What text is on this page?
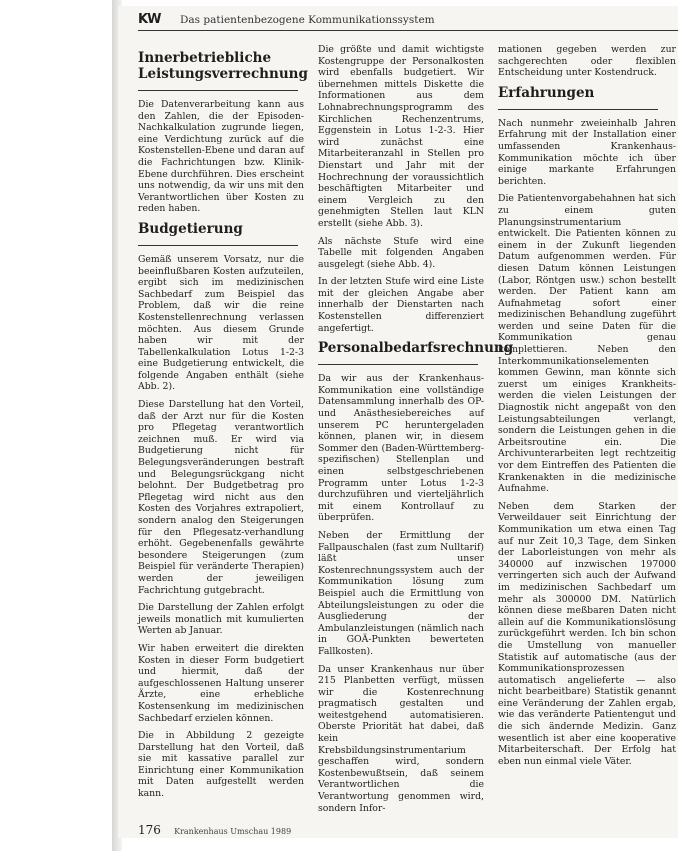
KW Das patientenbezogene Kommunikationssystem
Innerbetriebliche Leistungsverrechnung

Die Datenverarbeitung kann aus den Zahlen, die der Episoden-Nachkalkulation zugrunde liegen, eine Verdichtung zurück auf die Kostenstellen-Ebene und daran auf die Fachrichtungen bzw. Klinik-Ebene durchführen. Dies erscheint uns notwendig, da wir uns mit den Verantwortlichen über Kosten zu reden haben.

Budgetierung

Gemäß unserem Vorsatz, nur die beeinflußbaren Kosten aufzuteilen, ergibt sich im medizinischen Sachbedarf zum Beispiel das Problem, daß wir die reine Kostenstellenrechnung verlassen möchten. Aus diesem Grunde haben wir mit der Tabellenkalkulation Lotus 1-2-3 eine Budgetierung entwickelt, die folgende Angaben enthält (siehe Abb. 2).

Diese Darstellung hat den Vorteil, daß der Arzt nur für die Kosten pro Pflegetag verantwortlich zeichnen muß. Er wird via Budgetierung nicht für Belegungsveränderungen bestraft und Belegungsrückgang nicht belohnt. Der Budgetbetrag pro Pflegetag wird nicht aus den Kosten des Vorjahres extrapoliert, sondern analog den Steigerungen für den Pflegesatz-verhandlung erhöht. Gegebenenfalls gewährte besondere Steigerungen (zum Beispiel für veränderte Therapien) werden der jeweiligen Fachrichtung gutgebracht.

Die Darstellung der Zahlen erfolgt jeweils monatlich mit kumulierten Werten ab Januar.

Wir haben erweitert die direkten Kosten in dieser Form budgetiert und hiermit, daß der aufgeschlossenen Haltung unserer Ärzte, eine erhebliche Kostensenkung im medizinischen Sachbedarf erzielen können.

Die in Abbildung 2 gezeigte Darstellung hat den Vorteil, daß sie mit kassative parallel zur Einrichtung einer Kommunikation mit Daten aufgestellt werden kann.

Die größte und damit wichtigste Kostengruppe der Personalkosten wird ebenfalls budgetiert. Wir übernehmen mittels Diskette die Informationen aus dem Lohnabrechnungsprogramm des Kirchlichen Rechenzentrums, Eggenstein in Lotus 1-2-3. Hier wird zunächst eine Mitarbeiteranzahl in Stellen pro Dienstart und Jahr mit der Hochrechnung der voraussichtlich beschäftigten Mitarbeiter und einem Vergleich zu den genehmigten Stellen laut KLN erstellt (siehe Abb. 3).

Als nächste Stufe wird eine Tabelle mit folgenden Angaben ausgelegt (siehe Abb. 4).

In der letzten Stufe wird eine Liste mit der gleichen Angabe aber innerhalb der Dienstarten nach Kostenstellen differenziert angefertigt.

Personalbedarfsrechnung

Da wir aus der Krankenhaus-Kommunikation eine vollständige Datensammlung innerhalb des OP- und Anästhesiebereiches auf unserem PC heruntergeladen können, planen wir, in diesem Sommer den (Baden-Württemberg-spezifischen) Stellenplan und einen selbstgeschriebenen Programm unter Lotus 1-2-3 durchzuführen und vierteljährlich mit einem Kontrollauf zu überprüfen.

Neben der Ermittlung der Fallpauschalen (fast zum Nulltarif) läßt unser Kostenrechnungssystem auch der Kommunikation lösung zum Beispiel auch die Ermittlung von Abteilungsleistungen zu oder die Ausgliederung der Ambulanzleistungen (nämlich nach in GOÄ-Punkten bewerteten Fallkosten).

Da unser Krankenhaus nur über 215 Planbetten verfügt, müssen wir die Kostenrechnung pragmatisch gestalten und weitestgehend automatisieren. Oberste Priorität hat dabei, daß kein Krebsbildungsinstrumentarium geschaffen wird, sondern Kostenbewußtsein, daß seinem Verantwortlichen die Verantwortung genommen wird, sondern Infor-

mationen gegeben werden zur sachgerechten oder flexiblen Entscheidung unter Kostendruck.

Erfahrungen

Nach nunmehr zweieinhalb Jahren Erfahrung mit der Installation einer umfassenden Krankenhaus-Kommunikation möchte ich über einige markante Erfahrungen berichten.

Die Patientenvorgabehahnen hat sich zu einem guten Planungsinstrumentarium entwickelt. Die Patienten können zu einem in der Zukunft liegenden Datum aufgenommen werden. Für diesen Datum können Leistungen (Labor, Röntgen usw.) schon bestellt werden. Der Patient kann am Aufnahmetag sofort einer medizinischen Behandlung zugeführt werden und seine Daten für die Kommunikation genau komplettieren. Neben den Interkommunikationselementen kommen Gewinn, man könnte sich zuerst um einiges Krankheits- werden die vielen Leistungen der Diagnostik nicht angepaßt von den Leistungsabteilungen verlangt, sondern die Leistungen gehen in die Arbeitsroutine ein. Die Archivunterarbeiten legt rechtzeitig vor dem Eintreffen des Patienten die Krankenakten in die medizinische Aufnahme.

Neben dem Starken der Verweildauer seit Einrichtung der Kommunikation um etwa einen Tag auf nur Zeit 10,3 Tage, dem Sinken der Laborleistungen von mehr als 340000 auf inzwischen 197000 verringerten sich auch der Aufwand im medizinischen Sachbedarf um mehr als 300000 DM. Natürlich können diese meßbaren Daten nicht allein auf die Kommunikationslösung zurückgeführt werden. Ich bin schon die Umstellung von manueller Statistik auf automatische (aus der Kommunikationsprozessen automatisch angelieferte — also nicht bearbeitbare) Statistik genannt eine Veränderung der Zahlen ergab, wie das veränderte Patientengut und die sich ändernde Medizin. Ganz wesentlich ist aber eine kooperative Mitarbeiterschaft. Der Erfolg hat eben nun einmal viele Väter.

176 Krankenhaus Umschau 1989
